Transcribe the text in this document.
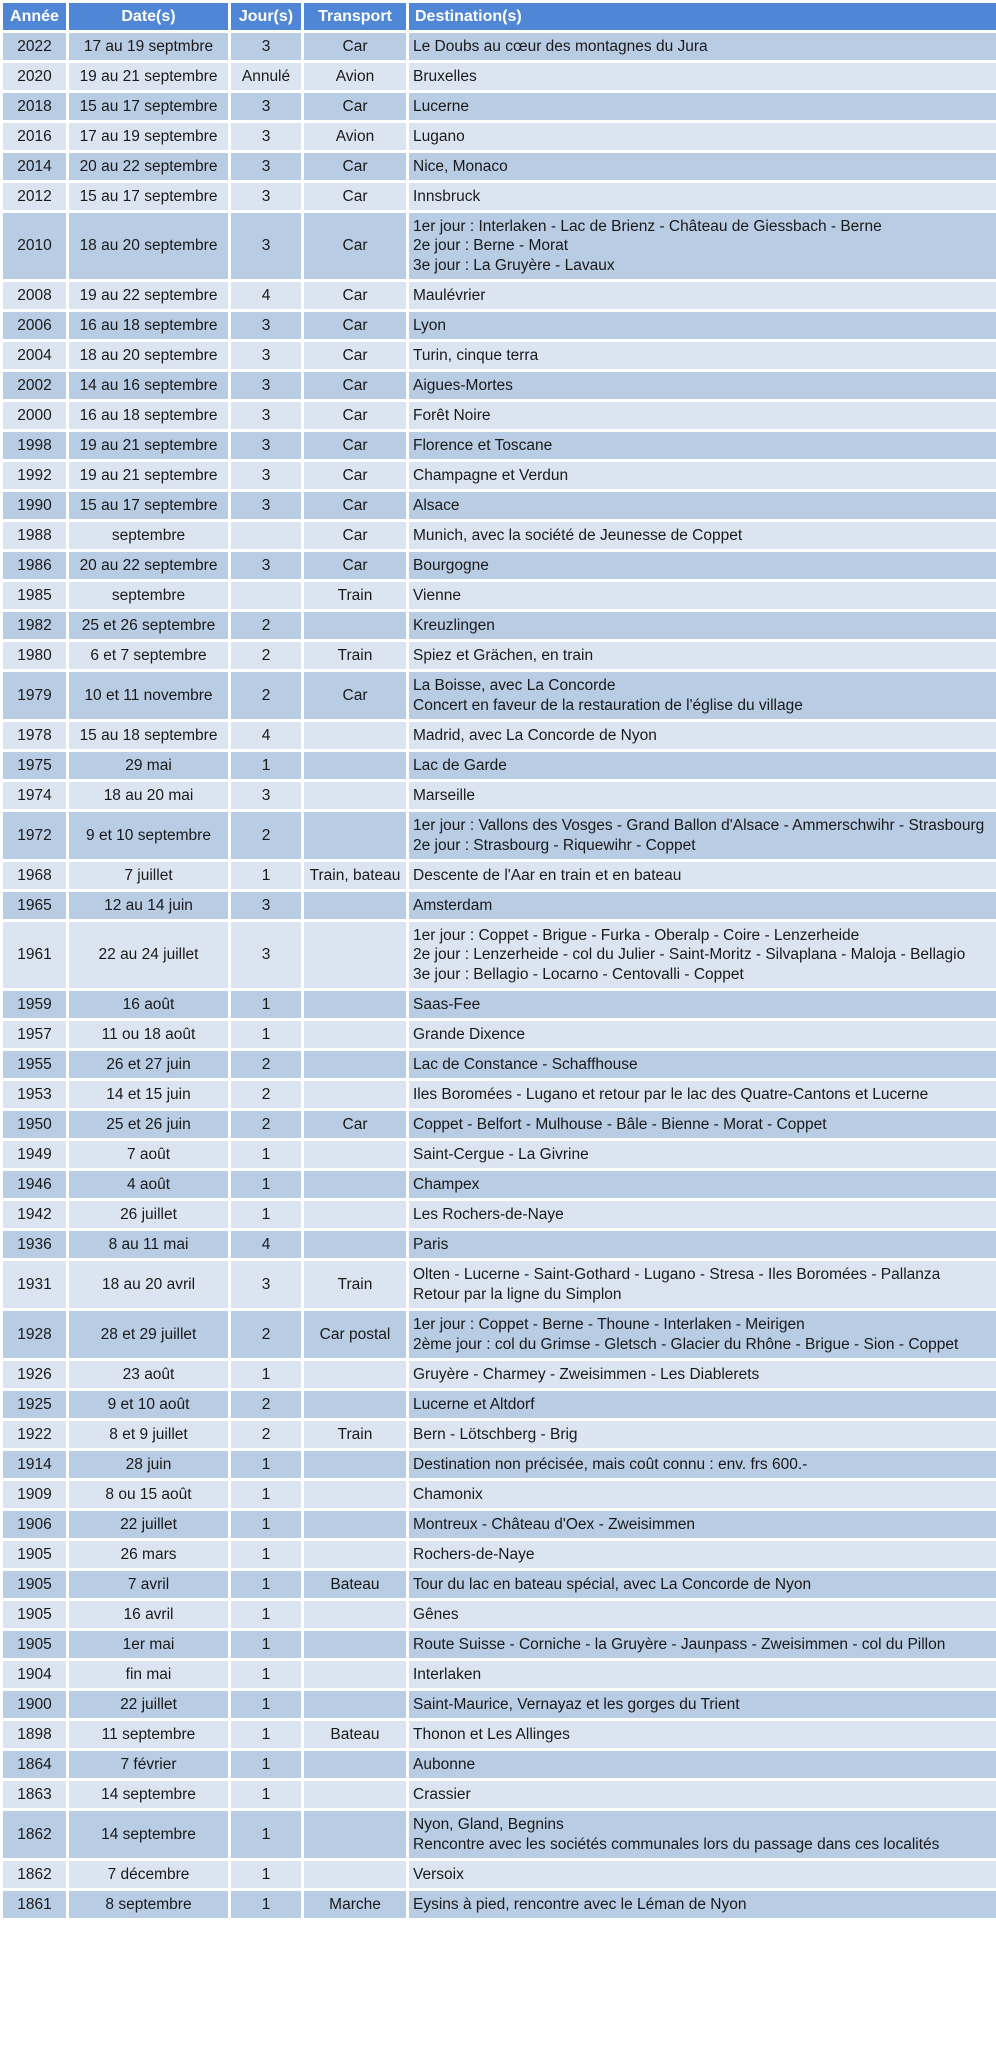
Année	Date(s)	Jour(s)	Transport	Destination(s)
2022	17 au 19 septmbre	3	Car	Le Doubs au cœur des montagnes du Jura

2020	19 au 21 septembre	Annulé	Avion	Bruxelles

2018	15 au 17 septembre	3	Car	Lucerne

2016	17 au 19 septembre	3	Avion	Lugano

2014	20 au 22 septembre	3	Car	Nice, Monaco

2012	15 au 17 septembre	3	Car	Innsbruck

2010	18 au 20 septembre	3	Car	1er jour : Interlaken - Lac de Brienz - Château de Giessbach - Berne
2e jour : Berne - Morat
3e jour : La Gruyère - Lavaux

2008	19 au 22 septembre	4	Car	Maulévrier

2006	16 au 18 septembre	3	Car	Lyon

2004	18 au 20 septembre	3	Car	Turin, cinque terra

2002	14 au 16 septembre	3	Car	Aigues-Mortes

2000	16 au 18 septembre	3	Car	Forêt Noire

1998	19 au 21 septembre	3	Car	Florence et Toscane

1992	19 au 21 septembre	3	Car	Champagne et Verdun

1990	15 au 17 septembre	3	Car	Alsace

1988	septembre		Car	Munich, avec la société de Jeunesse de Coppet

1986	20 au 22 septembre	3	Car	Bourgogne

1985	septembre		Train	Vienne

1982	25 et 26 septembre	2		Kreuzlingen

1980	6 et 7 septembre	2	Train	Spiez et Grächen, en train

1979	10 et 11 novembre	2	Car	La Boisse, avec La Concorde
Concert en faveur de la restauration de l'église du village

1978	15 au 18 septembre	4		Madrid, avec La Concorde de Nyon

1975	29 mai	1		Lac de Garde

1974	18 au 20 mai	3		Marseille

1972	9 et 10 septembre	2		1er jour : Vallons des Vosges - Grand Ballon d'Alsace - Ammerschwihr - Strasbourg
2e jour : Strasbourg - Riquewihr - Coppet

1968	7 juillet	1	Train, bateau	Descente de l'Aar en train et en bateau

1965	12 au 14 juin	3		Amsterdam

1961	22 au 24 juillet	3		1er jour : Coppet - Brigue - Furka - Oberalp - Coire - Lenzerheide
2e jour : Lenzerheide - col du Julier - Saint-Moritz - Silvaplana - Maloja - Bellagio
3e jour : Bellagio - Locarno - Centovalli - Coppet

1959	16 août	1		Saas-Fee

1957	11 ou 18 août	1		Grande Dixence

1955	26 et 27 juin	2		Lac de Constance - Schaffhouse

1953	14 et 15 juin	2		Iles Boromées - Lugano et retour par le lac des Quatre-Cantons et Lucerne

1950	25 et 26 juin	2	Car	Coppet - Belfort - Mulhouse - Bâle - Bienne - Morat - Coppet

1949	7 août	1		Saint-Cergue - La Givrine

1946	4 août	1		Champex

1942	26 juillet	1		Les Rochers-de-Naye

1936	8 au 11 mai	4		Paris

1931	18 au 20 avril	3	Train	Olten - Lucerne - Saint-Gothard - Lugano - Stresa - Iles Boromées - Pallanza
Retour par la ligne du Simplon

1928	28 et 29 juillet	2	Car postal	1er jour : Coppet - Berne - Thoune - Interlaken - Meirigen
2ème jour : col du Grimse - Gletsch - Glacier du Rhône - Brigue - Sion - Coppet

1926	23 août	1		Gruyère - Charmey - Zweisimmen - Les Diablerets

1925	9 et 10 août	2		Lucerne et Altdorf

1922	8 et 9 juillet	2	Train	Bern - Lötschberg - Brig

1914	28 juin	1		Destination non précisée, mais coût connu : env. frs 600.-

1909	8 ou 15 août	1		Chamonix

1906	22 juillet	1		Montreux - Château d'Oex - Zweisimmen

1905	26 mars	1		Rochers-de-Naye

1905	7 avril	1	Bateau	Tour du lac en bateau spécial, avec La Concorde de Nyon

1905	16 avril	1		Gênes

1905	1er mai	1		Route Suisse - Corniche - la Gruyère - Jaunpass - Zweisimmen - col du Pillon

1904	fin mai	1		Interlaken

1900	22 juillet	1		Saint-Maurice, Vernayaz et les gorges du Trient

1898	11 septembre	1	Bateau	Thonon et Les Allinges

1864	7 février	1		Aubonne

1863	14 septembre	1		Crassier

1862	14 septembre	1		Nyon, Gland, Begnins
Rencontre avec les sociétés communales lors du passage dans ces localités

1862	7 décembre	1		Versoix

1861	8 septembre	1	Marche	Eysins à pied, rencontre avec le Léman de Nyon
